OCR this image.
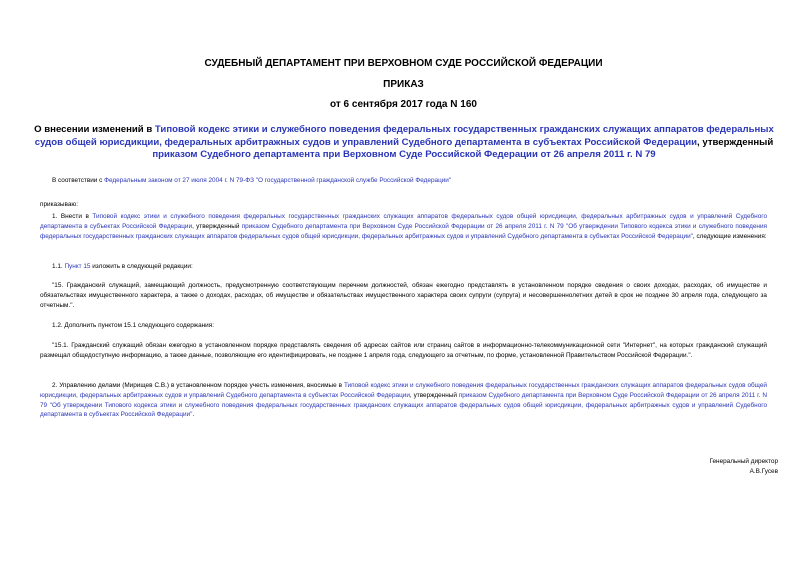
СУДЕБНЫЙ ДЕПАРТАМЕНТ ПРИ ВЕРХОВНОМ СУДЕ РОССИЙСКОЙ ФЕДЕРАЦИИ
ПРИКАЗ
от 6 сентября 2017 года N 160
О внесении изменений в Типовой кодекс этики и служебного поведения федеральных государственных гражданских служащих аппаратов федеральных судов общей юрисдикции, федеральных арбитражных судов и управлений Судебного департамента в субъектах Российской Федерации, утвержденный приказом Судебного департамента при Верховном Суде Российской Федерации от 26 апреля 2011 г. N 79
В соответствии с Федеральным законом от 27 июля 2004 г. N 79-ФЗ "О государственной гражданской службе Российской Федерации"
приказываю:
1. Внести в Типовой кодекс этики и служебного поведения федеральных государственных гражданских служащих аппаратов федеральных судов общей юрисдикции, федеральных арбитражных судов и управлений Судебного департамента в субъектах Российской Федерации, утвержденный приказом Судебного департамента при Верховном Суде Российской Федерации от 26 апреля 2011 г. N 79 "Об утверждении Типового кодекса этики и служебного поведения федеральных государственных гражданских служащих аппаратов федеральных судов общей юрисдикции, федеральных арбитражных судов и управлений Судебного департамента в субъектах Российской Федерации", следующие изменения:
1.1. Пункт 15 изложить в следующей редакции:
"15. Гражданский служащий, замещающий должность, предусмотренную соответствующим перечнем должностей, обязан ежегодно представлять в установленном порядке сведения о своих доходах, расходах, об имуществе и обязательствах имущественного характера, а также о доходах, расходах, об имуществе и обязательствах имущественного характера своих супруги (супруга) и несовершеннолетних детей в срок не позднее 30 апреля года, следующего за отчетным.".
1.2. Дополнить пунктом 15.1 следующего содержания:
"15.1. Гражданский служащий обязан ежегодно в установленном порядке представлять сведения об адресах сайтов или страниц сайтов в информационно-телекоммуникационной сети "Интернет", на которых гражданский служащий размещал общедоступную информацию, а также данные, позволяющие его идентифицировать, не позднее 1 апреля года, следующего за отчетным, по форме, установленной Правительством Российской Федерации.".
2. Управлению делами (Мирищев С.В.) в установленном порядке учесть изменения, вносимые в Типовой кодекс этики и служебного поведения федеральных государственных гражданских служащих аппаратов федеральных судов общей юрисдикции, федеральных арбитражных судов и управлений Судебного департамента в субъектах Российской Федерации, утвержденный приказом Судебного департамента при Верховном Суде Российской Федерации от 26 апреля 2011 г. N 79 "Об утверждении Типового кодекса этики и служебного поведения федеральных государственных гражданских служащих аппаратов федеральных судов общей юрисдикции, федеральных арбитражных судов и управлений Судебного департамента в субъектах Российской Федерации".
Генеральный директор
А.В.Гусев
